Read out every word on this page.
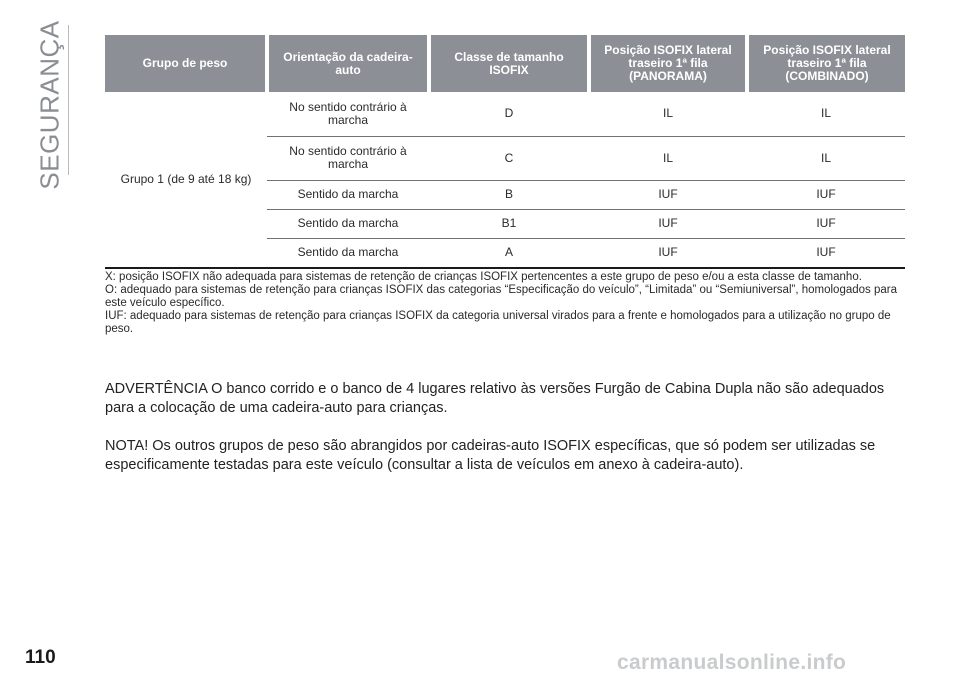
SEGURANÇA	Grupo de peso	Orientação da cadeira-auto	Classe de tamanho ISOFIX	Posição ISOFIX lateral traseiro 1ª fila (PANORAMA)	Posição ISOFIX lateral traseiro 1ª fila (COMBINADO)
Grupo 1 (de 9 até 18 kg)	No sentido contrário à marcha	D	IL	IL
	No sentido contrário à marcha	C	IL	IL
	Sentido da marcha	B	IUF	IUF
	Sentido da marcha	B1	IUF	IUF
	Sentido da marcha	A	IUF	IUF

X: posição ISOFIX não adequada para sistemas de retenção de crianças ISOFIX pertencentes a este grupo de peso e/ou a esta classe de tamanho.

O: adequado para sistemas de retenção para crianças ISOFIX das categorias “Especificação do veículo”, “Limitada” ou “Semiuniversal”, homologados para este veículo específico.

IUF: adequado para sistemas de retenção para crianças ISOFIX da categoria universal virados para a frente e homologados para a utilização no grupo de peso.

ADVERTÊNCIA O banco corrido e o banco de 4 lugares relativo às versões Furgão de Cabina Dupla não são adequados para a colocação de uma cadeira-auto para crianças.

NOTA! Os outros grupos de peso são abrangidos por cadeiras-auto ISOFIX específicas, que só podem ser utilizadas se especificamente testadas para este veículo (consultar a lista de veículos em anexo à cadeira-auto).

110	carmanualsonline.info
